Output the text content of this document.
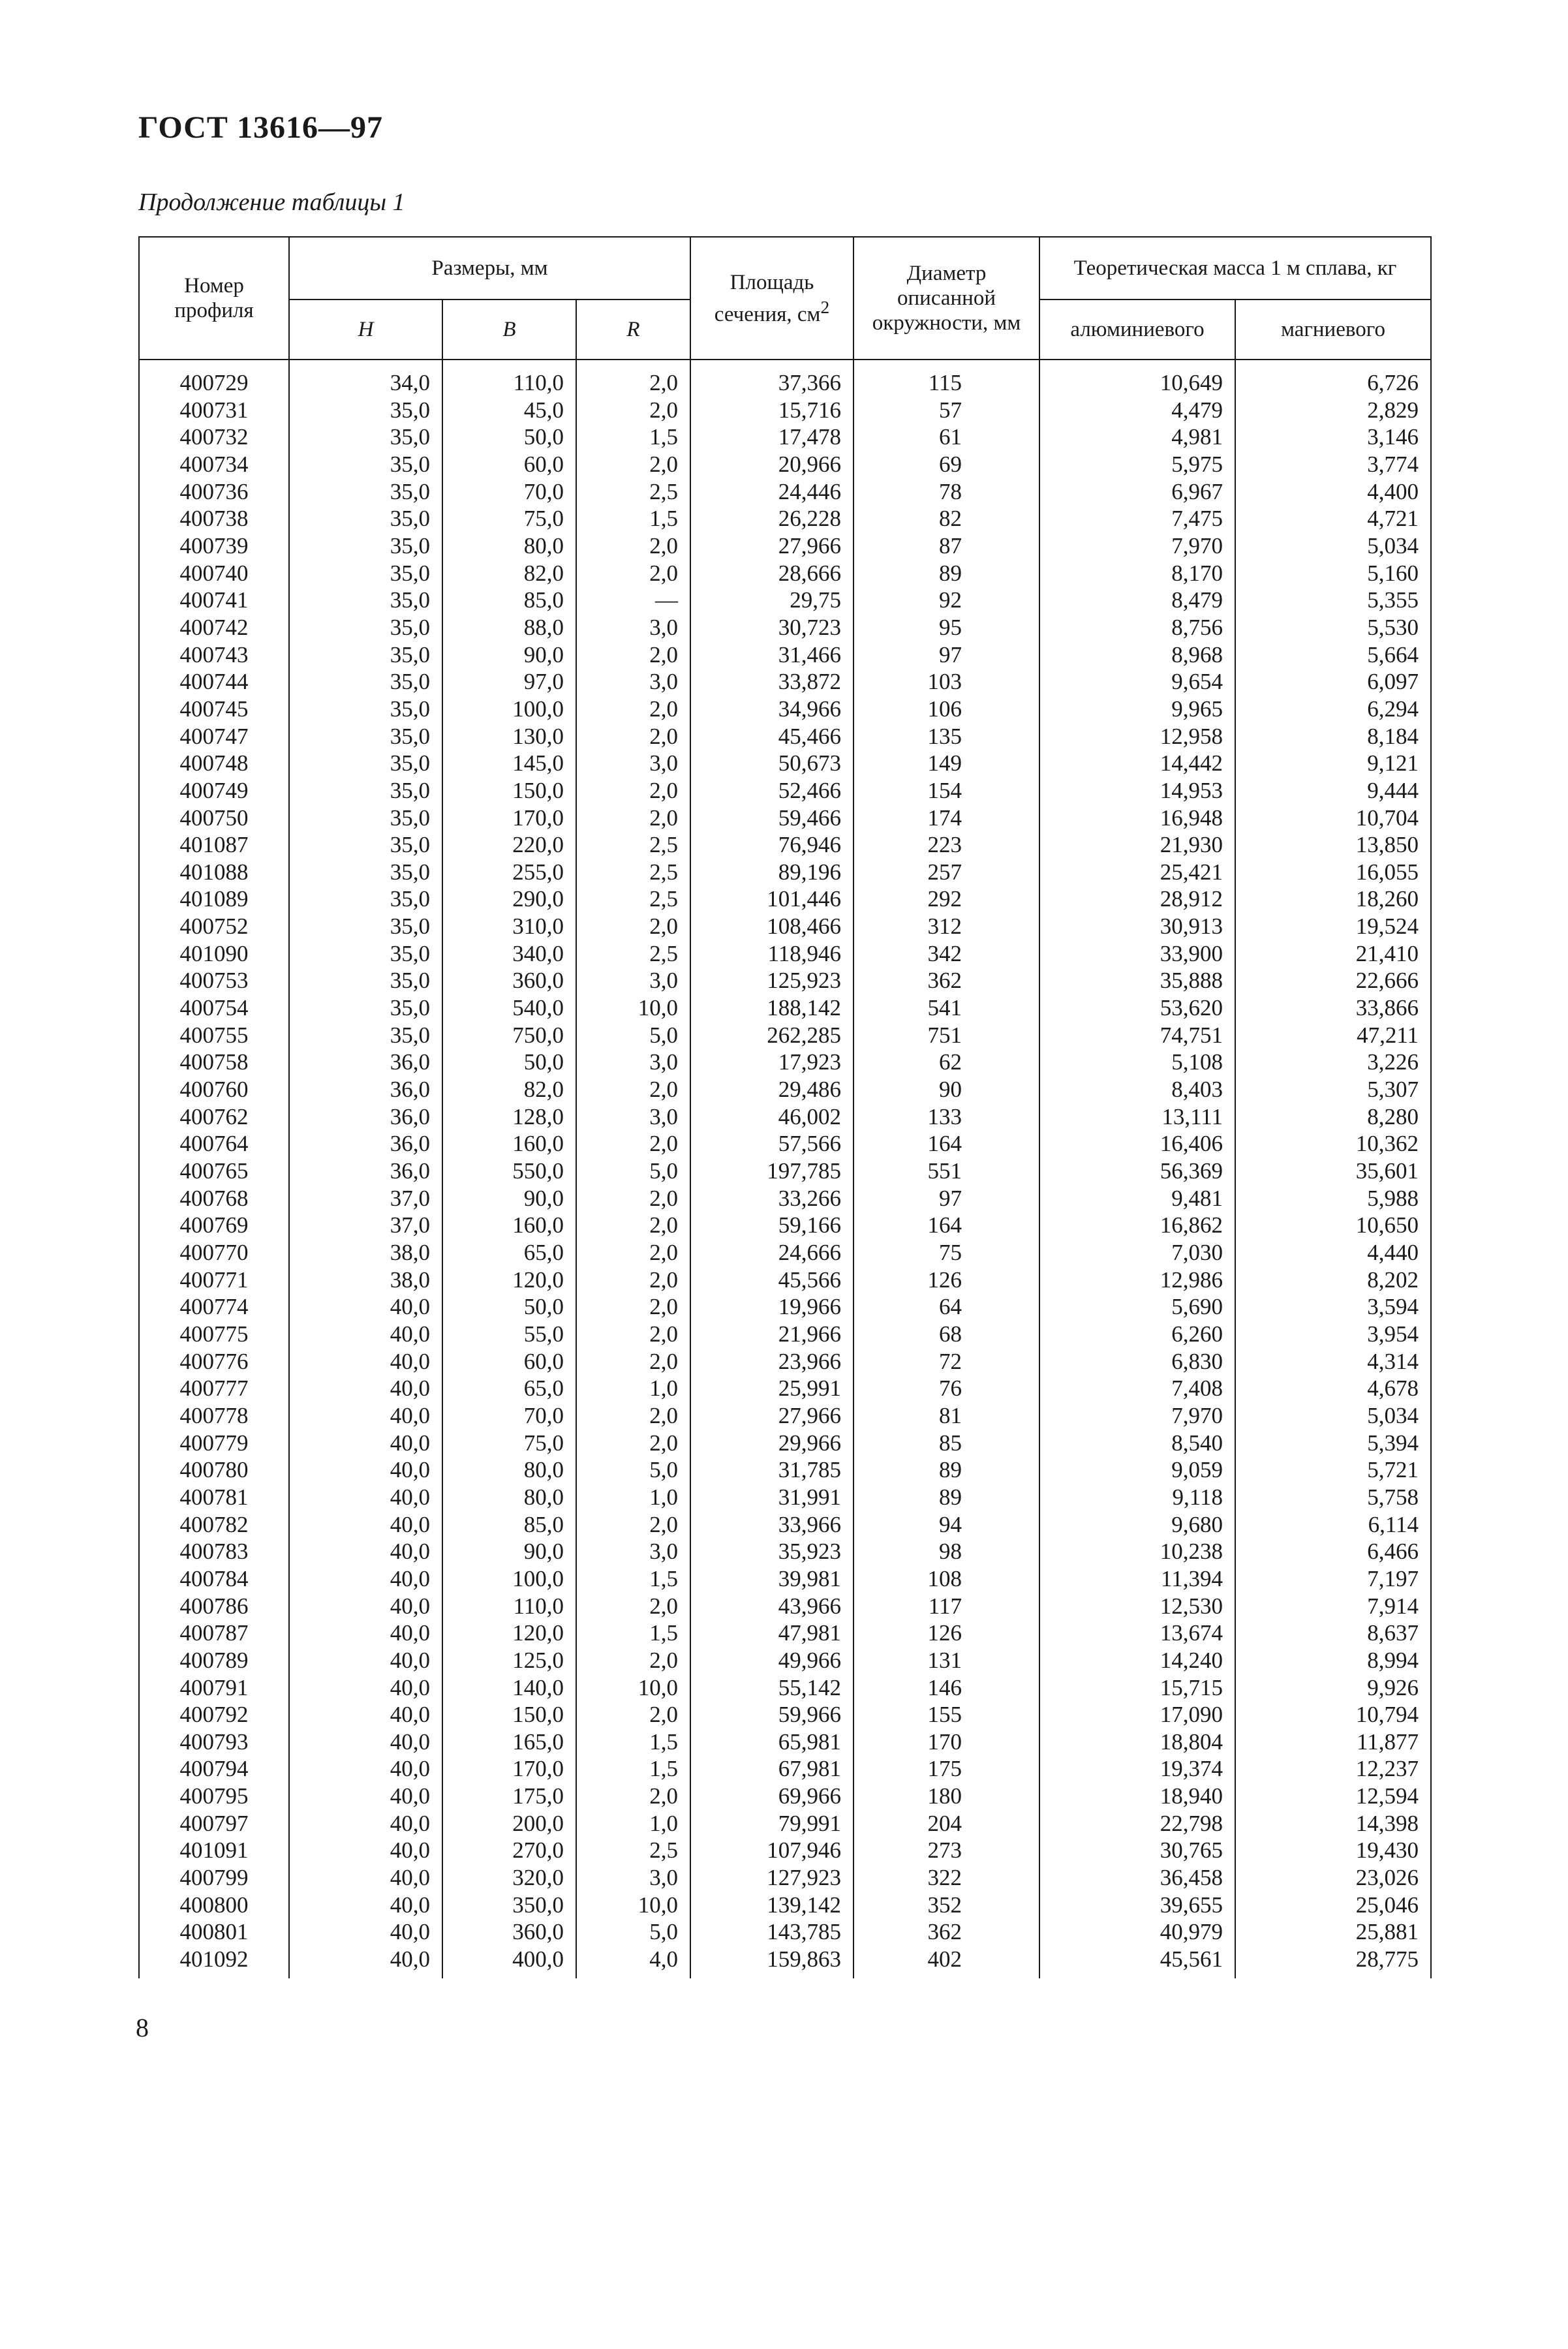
ГОСТ 13616—97
Продолжение таблицы 1
Номер профиля	Размеры, мм			Площадь сечения, $см^2$	Диаметр описанной окружности, мм	Теоретическая масса 1 м сплава, кг	
	H	B	R			алюминиевого	магниевого
400729	34,0	110,0	2,0	37,366	115	10,649	6,726
400731	35,0	45,0	2,0	15,716	57	4,479	2,829
400732	35,0	50,0	1,5	17,478	61	4,981	3,146
400734	35,0	60,0	2,0	20,966	69	5,975	3,774
400736	35,0	70,0	2,5	24,446	78	6,967	4,400
400738	35,0	75,0	1,5	26,228	82	7,475	4,721
400739	35,0	80,0	2,0	27,966	87	7,970	5,034
400740	35,0	82,0	2,0	28,666	89	8,170	5,160
400741	35,0	85,0	—	29,75	92	8,479	5,355
400742	35,0	88,0	3,0	30,723	95	8,756	5,530
400743	35,0	90,0	2,0	31,466	97	8,968	5,664
400744	35,0	97,0	3,0	33,872	103	9,654	6,097
400745	35,0	100,0	2,0	34,966	106	9,965	6,294
400747	35,0	130,0	2,0	45,466	135	12,958	8,184
400748	35,0	145,0	3,0	50,673	149	14,442	9,121
400749	35,0	150,0	2,0	52,466	154	14,953	9,444
400750	35,0	170,0	2,0	59,466	174	16,948	10,704
401087	35,0	220,0	2,5	76,946	223	21,930	13,850
401088	35,0	255,0	2,5	89,196	257	25,421	16,055
401089	35,0	290,0	2,5	101,446	292	28,912	18,260
400752	35,0	310,0	2,0	108,466	312	30,913	19,524
401090	35,0	340,0	2,5	118,946	342	33,900	21,410
400753	35,0	360,0	3,0	125,923	362	35,888	22,666
400754	35,0	540,0	10,0	188,142	541	53,620	33,866
400755	35,0	750,0	5,0	262,285	751	74,751	47,211
400758	36,0	50,0	3,0	17,923	62	5,108	3,226
400760	36,0	82,0	2,0	29,486	90	8,403	5,307
400762	36,0	128,0	3,0	46,002	133	13,111	8,280
400764	36,0	160,0	2,0	57,566	164	16,406	10,362
400765	36,0	550,0	5,0	197,785	551	56,369	35,601
400768	37,0	90,0	2,0	33,266	97	9,481	5,988
400769	37,0	160,0	2,0	59,166	164	16,862	10,650
400770	38,0	65,0	2,0	24,666	75	7,030	4,440
400771	38,0	120,0	2,0	45,566	126	12,986	8,202
400774	40,0	50,0	2,0	19,966	64	5,690	3,594
400775	40,0	55,0	2,0	21,966	68	6,260	3,954
400776	40,0	60,0	2,0	23,966	72	6,830	4,314
400777	40,0	65,0	1,0	25,991	76	7,408	4,678
400778	40,0	70,0	2,0	27,966	81	7,970	5,034
400779	40,0	75,0	2,0	29,966	85	8,540	5,394
400780	40,0	80,0	5,0	31,785	89	9,059	5,721
400781	40,0	80,0	1,0	31,991	89	9,118	5,758
400782	40,0	85,0	2,0	33,966	94	9,680	6,114
400783	40,0	90,0	3,0	35,923	98	10,238	6,466
400784	40,0	100,0	1,5	39,981	108	11,394	7,197
400786	40,0	110,0	2,0	43,966	117	12,530	7,914
400787	40,0	120,0	1,5	47,981	126	13,674	8,637
400789	40,0	125,0	2,0	49,966	131	14,240	8,994
400791	40,0	140,0	10,0	55,142	146	15,715	9,926
400792	40,0	150,0	2,0	59,966	155	17,090	10,794
400793	40,0	165,0	1,5	65,981	170	18,804	11,877
400794	40,0	170,0	1,5	67,981	175	19,374	12,237
400795	40,0	175,0	2,0	69,966	180	18,940	12,594
400797	40,0	200,0	1,0	79,991	204	22,798	14,398
401091	40,0	270,0	2,5	107,946	273	30,765	19,430
400799	40,0	320,0	3,0	127,923	322	36,458	23,026
400800	40,0	350,0	10,0	139,142	352	39,655	25,046
400801	40,0	360,0	5,0	143,785	362	40,979	25,881
401092	40,0	400,0	4,0	159,863	402	45,561	28,775
8
